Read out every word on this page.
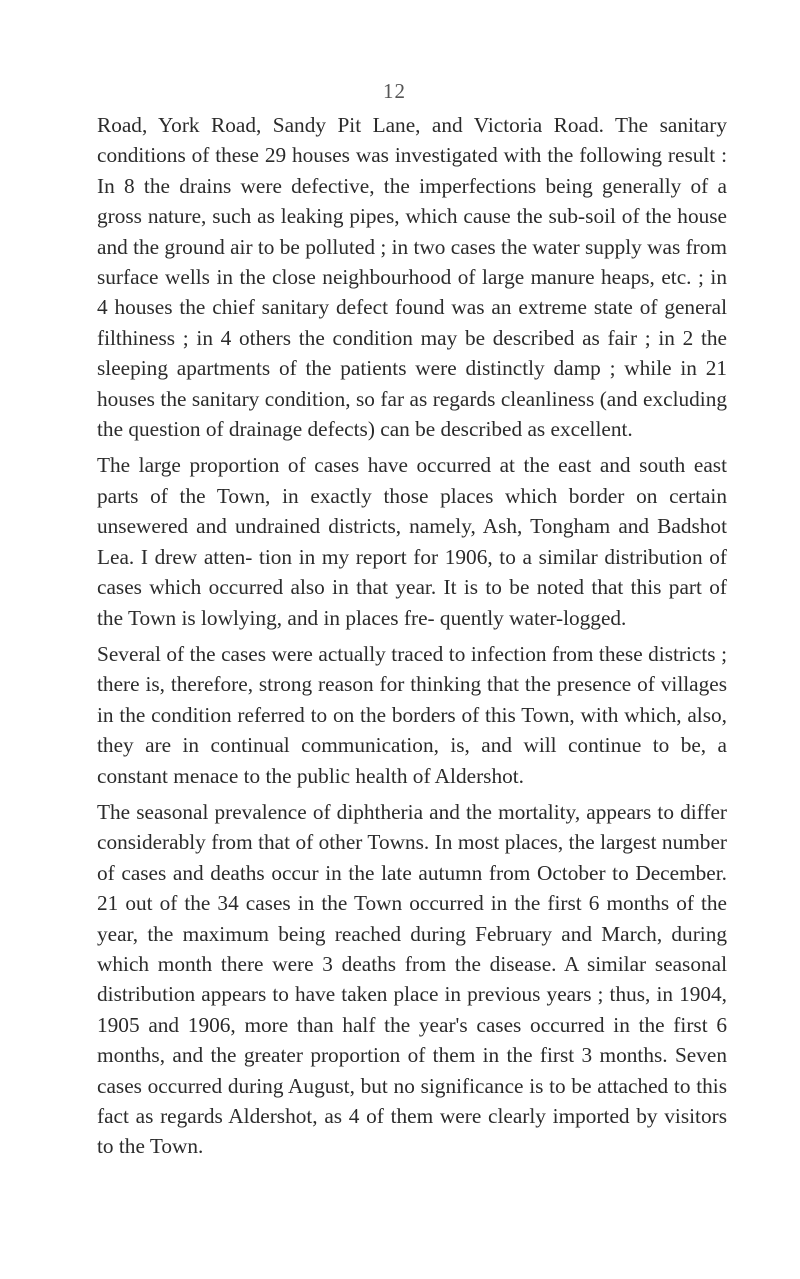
12

Road, York Road, Sandy Pit Lane, and Victoria Road. The sanitary conditions of these 29 houses was investigated with the following result : In 8 the drains were defective, the imperfections being generally of a gross nature, such as leaking pipes, which cause the sub-soil of the house and the ground air to be polluted ; in two cases the water supply was from surface wells in the close neighbourhood of large manure heaps, etc. ; in 4 houses the chief sanitary defect found was an extreme state of general filthiness ; in 4 others the condition may be described as fair ; in 2 the sleeping apartments of the patients were distinctly damp ; while in 21 houses the sanitary condition, so far as regards cleanliness (and excluding the question of drainage defects) can be described as excellent.

The large proportion of cases have occurred at the east and south east parts of the Town, in exactly those places which border on certain unsewered and undrained districts, namely, Ash, Tongham and Badshot Lea. I drew atten- tion in my report for 1906, to a similar distribution of cases which occurred also in that year. It is to be noted that this part of the Town is lowlying, and in places fre- quently water-logged.

Several of the cases were actually traced to infection from these districts ; there is, therefore, strong reason for thinking that the presence of villages in the condition referred to on the borders of this Town, with which, also, they are in continual communication, is, and will continue to be, a constant menace to the public health of Aldershot.

The seasonal prevalence of diphtheria and the mortality, appears to differ considerably from that of other Towns. In most places, the largest number of cases and deaths occur in the late autumn from October to December. 21 out of the 34 cases in the Town occurred in the first 6 months of the year, the maximum being reached during February and March, during which month there were 3 deaths from the disease. A similar seasonal distribution appears to have taken place in previous years ; thus, in 1904, 1905 and 1906, more than half the year's cases occurred in the first 6 months, and the greater proportion of them in the first 3 months. Seven cases occurred during August, but no significance is to be attached to this fact as regards Aldershot, as 4 of them were clearly imported by visitors to the Town.
